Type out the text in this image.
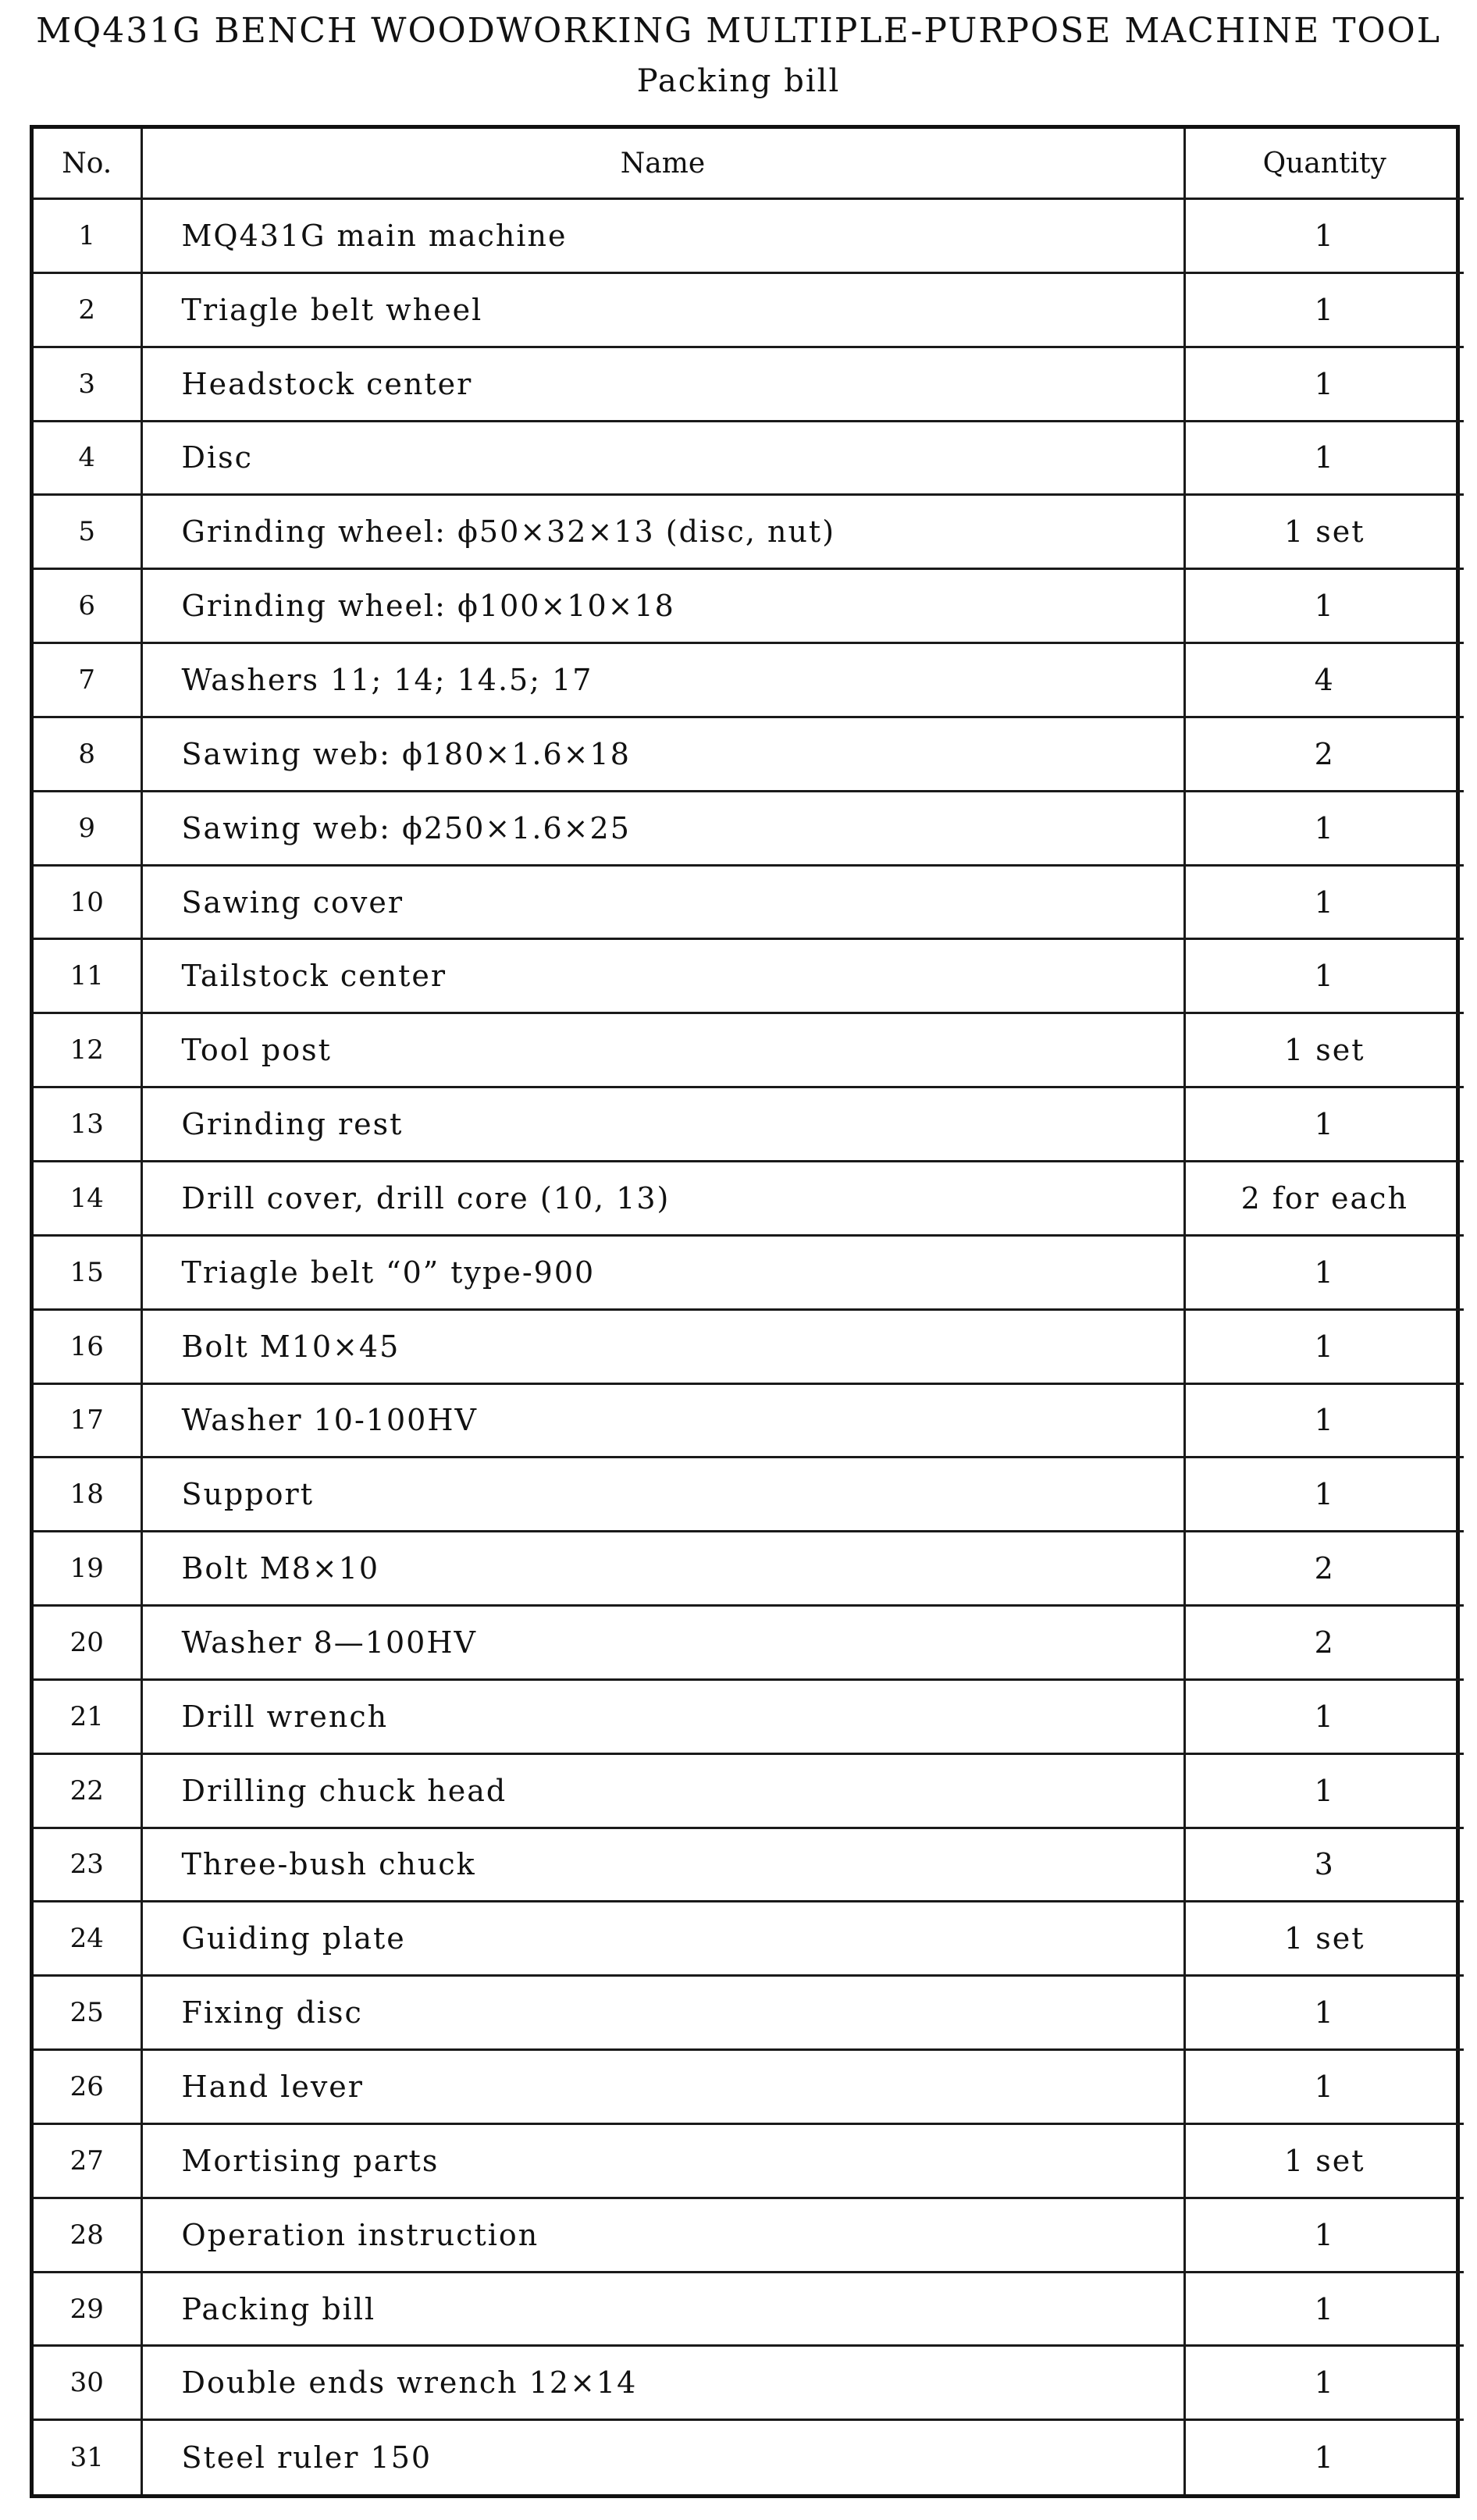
MQ431G BENCH WOODWORKING MULTIPLE-PURPOSE MACHINE TOOL
Packing bill
No.	Name	Quantity
1	MQ431G main machine	1
2	Triagle belt wheel	1
3	Headstock center	1
4	Disc	1
5	Grinding wheel: ϕ50×32×13 (disc, nut)	1 set
6	Grinding wheel: ϕ100×10×18	1
7	Washers 11; 14; 14.5; 17	4
8	Sawing web: ϕ180×1.6×18	2
9	Sawing web: ϕ250×1.6×25	1
10	Sawing cover	1
11	Tailstock center	1
12	Tool post	1 set
13	Grinding rest	1
14	Drill cover, drill core (10, 13)	2 for each
15	Triagle belt “0” type-900	1
16	Bolt M10×45	1
17	Washer 10-100HV	1
18	Support	1
19	Bolt M8×10	2
20	Washer 8—100HV	2
21	Drill wrench	1
22	Drilling chuck head	1
23	Three-bush chuck	3
24	Guiding plate	1 set
25	Fixing disc	1
26	Hand lever	1
27	Mortising parts	1 set
28	Operation instruction	1
29	Packing bill	1
30	Double ends wrench 12×14	1
31	Steel ruler 150	1
